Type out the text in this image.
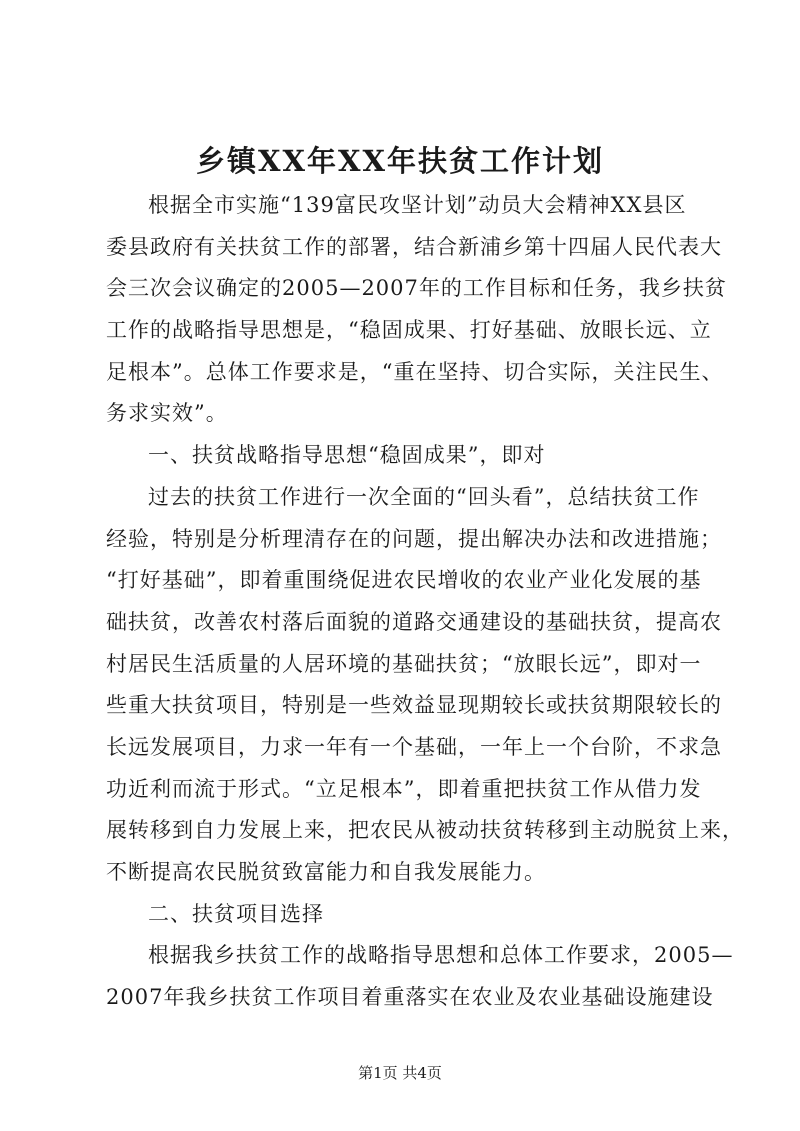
乡镇XX年XX年扶贫工作计划
根据全市实施“139富民攻坚计划”动员大会精神XX县区
委县政府有关扶贫工作的部署，结合新浦乡第十四届人民代表大
会三次会议确定的2005—2007年的工作目标和任务，我乡扶贫
工作的战略指导思想是，“稳固成果、打好基础、放眼长远、立
足根本”。总体工作要求是，“重在坚持、切合实际，关注民生、
务求实效”。
一、扶贫战略指导思想“稳固成果”，即对
过去的扶贫工作进行一次全面的“回头看”，总结扶贫工作
经验，特别是分析理清存在的问题，提出解决办法和改进措施；
“打好基础”，即着重围绕促进农民增收的农业产业化发展的基
础扶贫，改善农村落后面貌的道路交通建设的基础扶贫，提高农
村居民生活质量的人居环境的基础扶贫；“放眼长远”，即对一
些重大扶贫项目，特别是一些效益显现期较长或扶贫期限较长的
长远发展项目，力求一年有一个基础，一年上一个台阶，不求急
功近利而流于形式。“立足根本”，即着重把扶贫工作从借力发
展转移到自力发展上来，把农民从被动扶贫转移到主动脱贫上来，
不断提高农民脱贫致富能力和自我发展能力。
二、扶贫项目选择
根据我乡扶贫工作的战略指导思想和总体工作要求，2005—
2007年我乡扶贫工作项目着重落实在农业及农业基础设施建设
第1页 共4页
